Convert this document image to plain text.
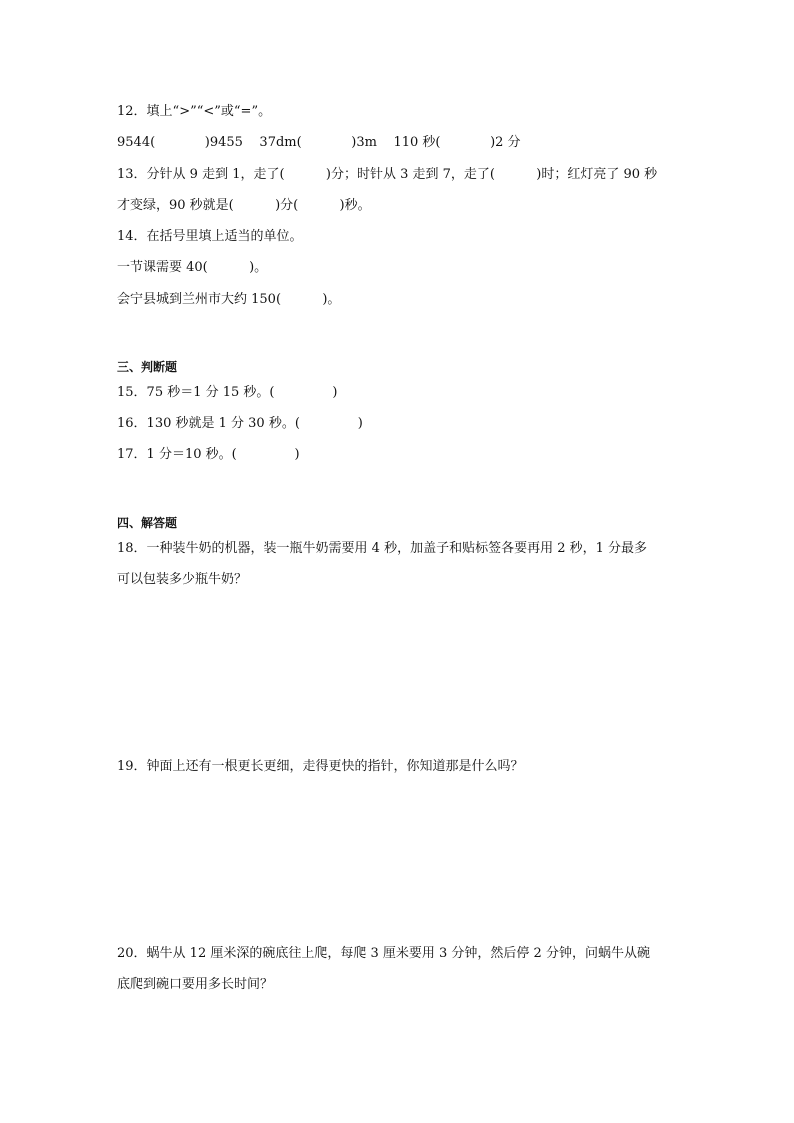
12．填上“>”“<”或“=”。
9544(            )9455    37dm(            )3m    110 秒(            )2 分
13．分针从 9 走到 1，走了(          )分；时针从 3 走到 7，走了(          )时；红灯亮了 90 秒
才变绿，90 秒就是(          )分(          )秒。
14．在括号里填上适当的单位。
一节课需要 40(          )。
会宁县城到兰州市大约 150(          )。
三、判断题
15．75 秒＝1 分 15 秒。(              )
16．130 秒就是 1 分 30 秒。(              )
17．1 分＝10 秒。(              )
四、解答题
18．一种装牛奶的机器，装一瓶牛奶需要用 4 秒，加盖子和贴标签各要再用 2 秒，1 分最多
可以包装多少瓶牛奶？
19．钟面上还有一根更长更细，走得更快的指针，你知道那是什么吗？
20．蜗牛从 12 厘米深的碗底往上爬，每爬 3 厘米要用 3 分钟，然后停 2 分钟，问蜗牛从碗
底爬到碗口要用多长时间？
